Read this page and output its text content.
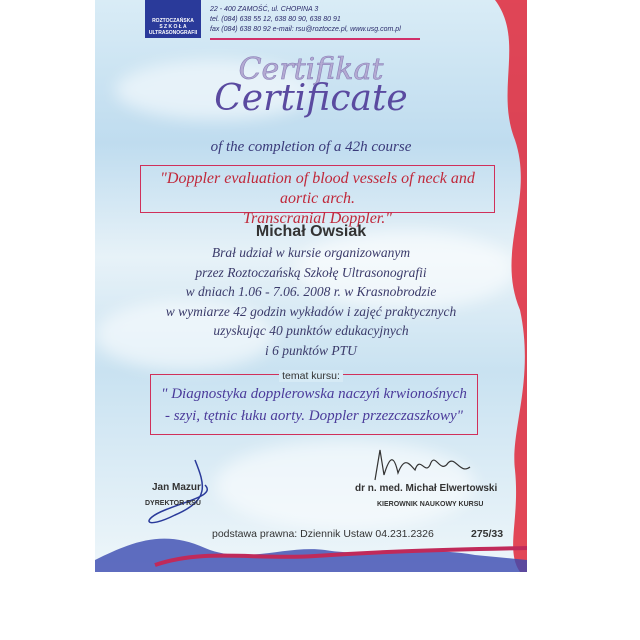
ROZTOCZAŃSKA
S Z K O Ł A
ULTRASONOGRAFII
22 - 400 ZAMOŚĆ, ul. CHOPINA 3
tel. (084) 638 55 12, 638 80 90, 638 80 91
fax (084) 638 80 92 e-mail: rsu@roztocze.pl, www.usg.com.pl
Certifikat
Certificate
of the completion of a 42h course
"Doppler evaluation of blood vessels of neck and aortic arch.
Transcranial Doppler."
Michał Owsiak
Brał udział w kursie organizowanym
przez Roztoczańską Szkołę Ultrasonografii
w dniach 1.06 - 7.06. 2008 r. w Krasnobrodzie
w wymiarze 42 godzin wykładów i zajęć praktycznych
uzyskując 40 punktów edukacyjnych
i 6 punktów PTU
" Diagnostyka dopplerowska naczyń krwionośnych
- szyi, tętnic łuku aorty. Doppler przezczaszkowy"
temat kursu:
Jan Mazur
DYREKTOR RSU
dr n. med. Michał Elwertowski
KIEROWNIK NAUKOWY KURSU
podstawa prawna: Dziennik Ustaw 04.231.2326	275/33
